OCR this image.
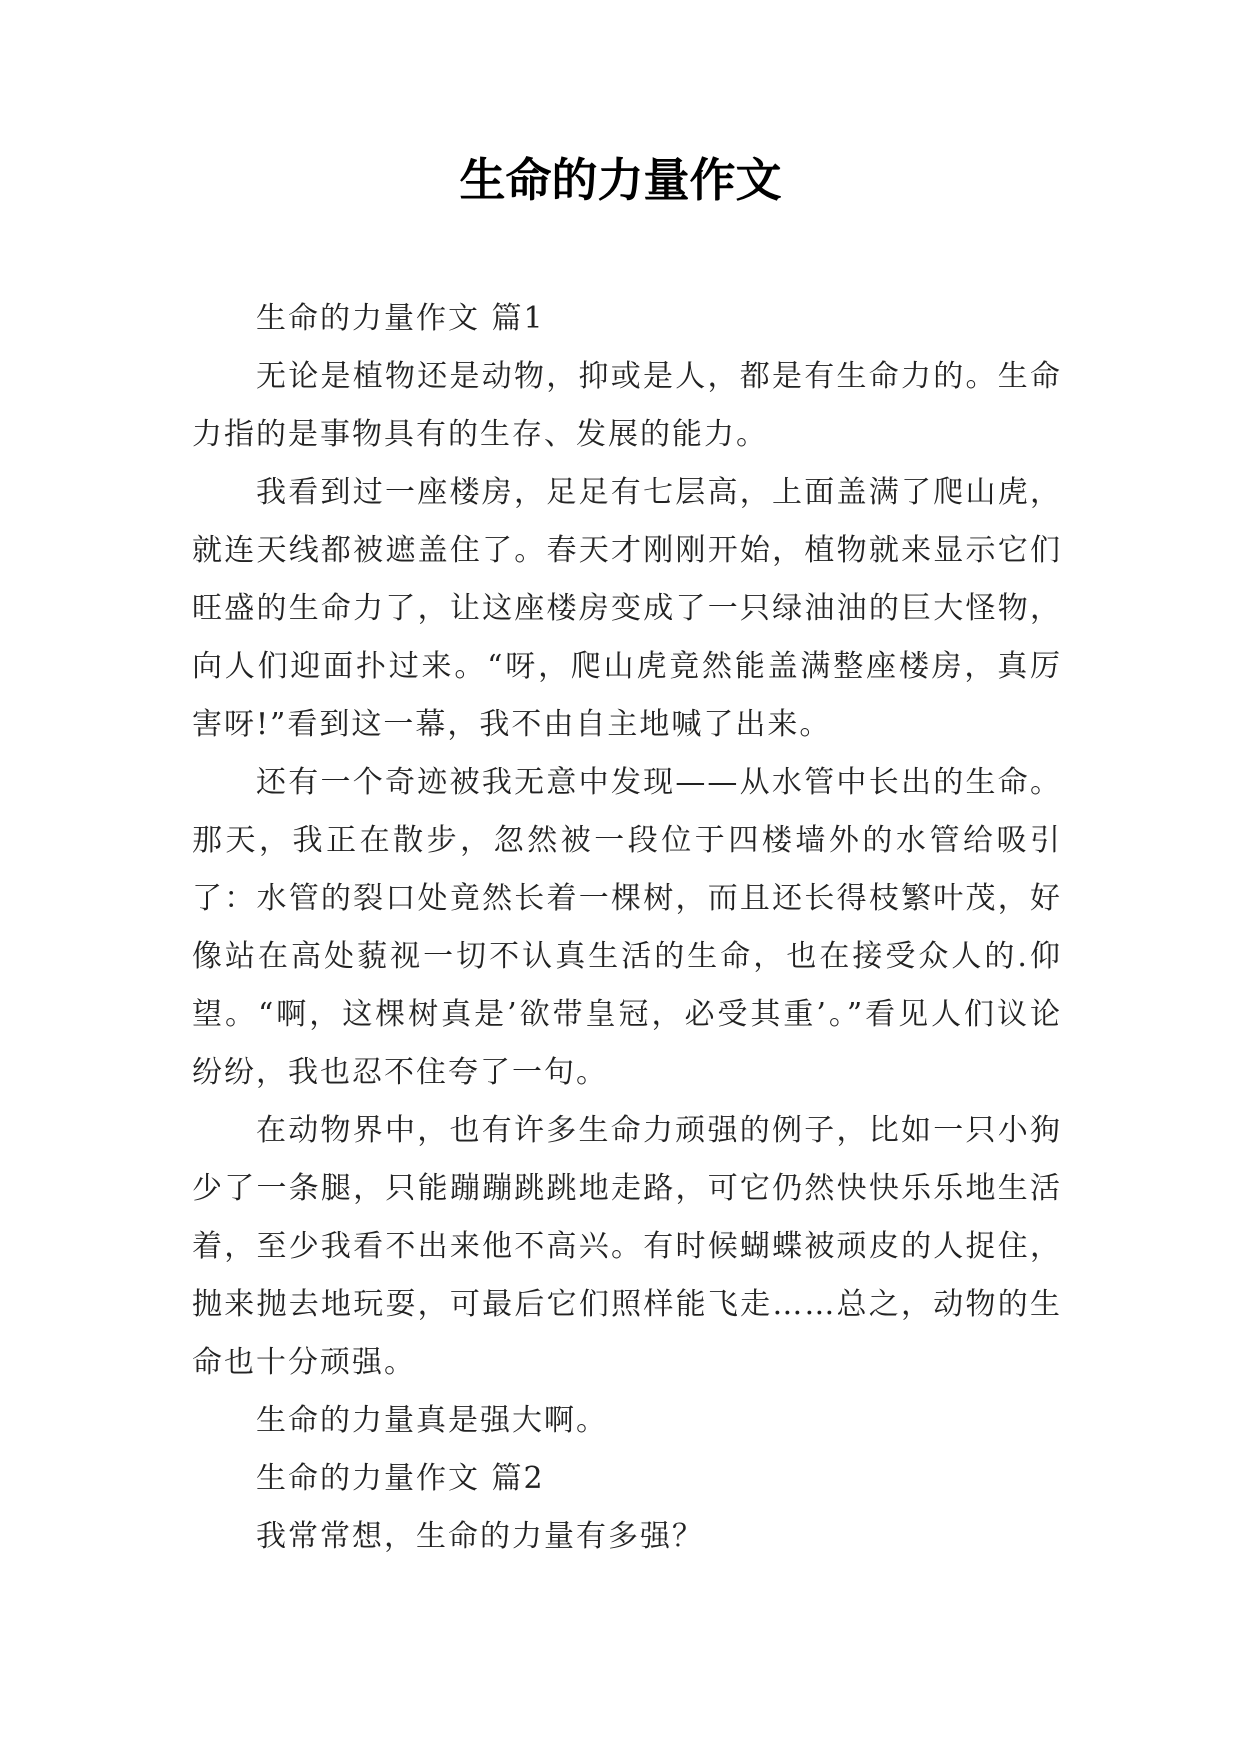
生命的力量作文

生命的力量作文 篇1

无论是植物还是动物，抑或是人，都是有生命力的。生命力指的是事物具有的生存、发展的能力。

我看到过一座楼房，足足有七层高，上面盖满了爬山虎，就连天线都被遮盖住了。春天才刚刚开始，植物就来显示它们旺盛的生命力了，让这座楼房变成了一只绿油油的巨大怪物，向人们迎面扑过来。“呀，爬山虎竟然能盖满整座楼房，真厉害呀!”看到这一幕，我不由自主地喊了出来。

还有一个奇迹被我无意中发现——从水管中长出的生命。那天，我正在散步，忽然被一段位于四楼墙外的水管给吸引了：水管的裂口处竟然长着一棵树，而且还长得枝繁叶茂，好像站在高处藐视一切不认真生活的生命，也在接受众人的.仰望。“啊，这棵树真是’欲带皇冠，必受其重’。”看见人们议论纷纷，我也忍不住夸了一句。

在动物界中，也有许多生命力顽强的例子，比如一只小狗少了一条腿，只能蹦蹦跳跳地走路，可它仍然快快乐乐地生活着，至少我看不出来他不高兴。有时候蝴蝶被顽皮的人捉住，抛来抛去地玩耍，可最后它们照样能飞走……总之，动物的生命也十分顽强。

生命的力量真是强大啊。

生命的力量作文 篇2

我常常想，生命的力量有多强？
